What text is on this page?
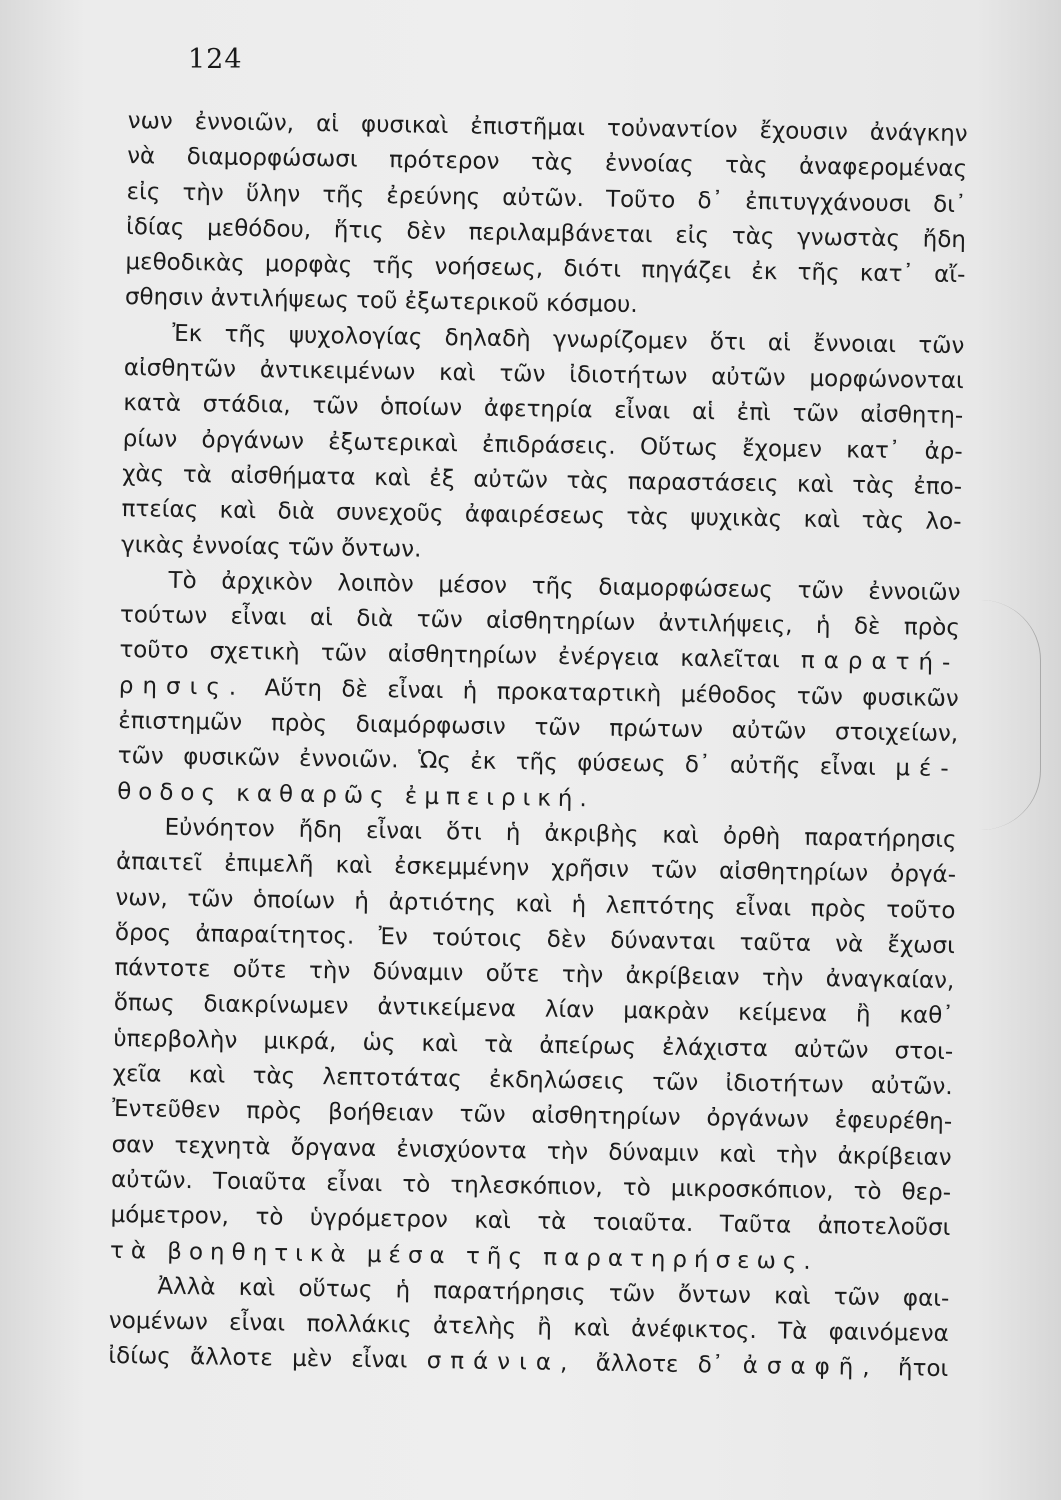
124
νων ἐννοιῶν, αἱ φυσικαὶ ἐπιστῆμαι τοὐναντίον ἔχουσιν ἀνάγκην
νὰ διαμορφώσωσι πρότερον τὰς ἐννοίας τὰς ἀναφερομένας
εἰς τὴν ὕλην τῆς ἐρεύνης αὐτῶν. Τοῦτο δ᾿ ἐπιτυγχάνουσι δι᾿
ἰδίας μεθόδου, ἥτις δὲν περιλαμβάνεται εἰς τὰς γνωστὰς ἤδη
μεθοδικὰς μορφὰς τῆς νοήσεως, διότι πηγάζει ἐκ τῆς κατ᾿ αἴ-
σθησιν ἀντιλήψεως τοῦ ἐξωτερικοῦ κόσμου.
Ἐκ τῆς ψυχολογίας δηλαδὴ γνωρίζομεν ὅτι αἱ ἔννοιαι τῶν
αἰσθητῶν ἀντικειμένων καὶ τῶν ἰδιοτήτων αὐτῶν μορφώνονται
κατὰ στάδια, τῶν ὁποίων ἀφετηρία εἶναι αἱ ἐπὶ τῶν αἰσθητη-
ρίων ὀργάνων ἐξωτερικαὶ ἐπιδράσεις. Οὕτως ἔχομεν κατ᾿ ἀρ-
χὰς τὰ αἰσθήματα καὶ ἐξ αὐτῶν τὰς παραστάσεις καὶ τὰς ἐπο-
πτείας καὶ διὰ συνεχοῦς ἀφαιρέσεως τὰς ψυχικὰς καὶ τὰς λο-
γικὰς ἐννοίας τῶν ὄντων.
Τὸ ἀρχικὸν λοιπὸν μέσον τῆς διαμορφώσεως τῶν ἐννοιῶν
τούτων εἶναι αἱ διὰ τῶν αἰσθητηρίων ἀντιλήψεις, ἡ δὲ πρὸς
τοῦτο σχετικὴ τῶν αἰσθητηρίων ἐνέργεια καλεῖται παρατή-
ρησις. Αὕτη δὲ εἶναι ἡ προκαταρτικὴ μέθοδος τῶν φυσικῶν
ἐπιστημῶν πρὸς διαμόρφωσιν τῶν πρώτων αὐτῶν στοιχείων,
τῶν φυσικῶν ἐννοιῶν. Ὡς ἐκ τῆς φύσεως δ᾿ αὐτῆς εἶναι μέ-
θοδος καθαρῶς ἐμπειρική.
Εὐνόητον ἤδη εἶναι ὅτι ἡ ἀκριβὴς καὶ ὀρθὴ παρατήρησις
ἀπαιτεῖ ἐπιμελῆ καὶ ἐσκεμμένην χρῆσιν τῶν αἰσθητηρίων ὀργά-
νων, τῶν ὁποίων ἡ ἀρτιότης καὶ ἡ λεπτότης εἶναι πρὸς τοῦτο
ὅρος ἀπαραίτητος. Ἐν τούτοις δὲν δύνανται ταῦτα νὰ ἔχωσι
πάντοτε οὔτε τὴν δύναμιν οὔτε τὴν ἀκρίβειαν τὴν ἀναγκαίαν,
ὅπως διακρίνωμεν ἀντικείμενα λίαν μακρὰν κείμενα ἢ καθ᾿
ὑπερβολὴν μικρά, ὡς καὶ τὰ ἀπείρως ἐλάχιστα αὐτῶν στοι-
χεῖα καὶ τὰς λεπτοτάτας ἐκδηλώσεις τῶν ἰδιοτήτων αὐτῶν.
Ἐντεῦθεν πρὸς βοήθειαν τῶν αἰσθητηρίων ὀργάνων ἐφευρέθη-
σαν τεχνητὰ ὄργανα ἐνισχύοντα τὴν δύναμιν καὶ τὴν ἀκρίβειαν
αὐτῶν. Τοιαῦτα εἶναι τὸ τηλεσκόπιον, τὸ μικροσκόπιον, τὸ θερ-
μόμετρον, τὸ ὑγρόμετρον καὶ τὰ τοιαῦτα. Ταῦτα ἀποτελοῦσι
τὰ βοηθητικὰ μέσα τῆς παρατηρήσεως.
Ἀλλὰ καὶ οὕτως ἡ παρατήρησις τῶν ὄντων καὶ τῶν φαι-
νομένων εἶναι πολλάκις ἀτελὴς ἢ καὶ ἀνέφικτος. Τὰ φαινόμενα
ἰδίως ἄλλοτε μὲν εἶναι σπάνια, ἄλλοτε δ᾿ ἀσαφῆ, ἤτοι
